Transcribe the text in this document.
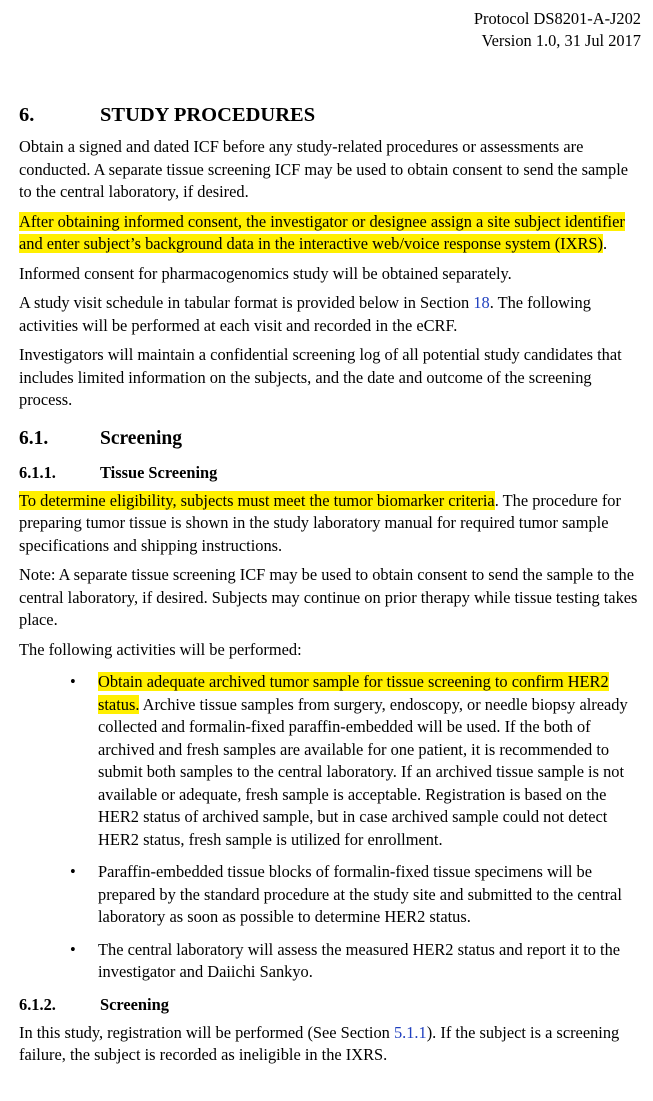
Protocol DS8201-A-J202
Version 1.0, 31 Jul 2017
6.	STUDY PROCEDURES

Obtain a signed and dated ICF before any study-related procedures or assessments are conducted. A separate tissue screening ICF may be used to obtain consent to send the sample to the central laboratory, if desired.

After obtaining informed consent, the investigator or designee assign a site subject identifier and enter subject’s background data in the interactive web/voice response system (IXRS).

Informed consent for pharmacogenomics study will be obtained separately.

A study visit schedule in tabular format is provided below in Section 18. The following activities will be performed at each visit and recorded in the eCRF.

Investigators will maintain a confidential screening log of all potential study candidates that includes limited information on the subjects, and the date and outcome of the screening process.

6.1.	Screening
6.1.1.	Tissue Screening

To determine eligibility, subjects must meet the tumor biomarker criteria. The procedure for preparing tumor tissue is shown in the study laboratory manual for required tumor sample specifications and shipping instructions.

Note: A separate tissue screening ICF may be used to obtain consent to send the sample to the central laboratory, if desired. Subjects may continue on prior therapy while tissue testing takes place.

The following activities will be performed:

• Obtain adequate archived tumor sample for tissue screening to confirm HER2 status. Archive tissue samples from surgery, endoscopy, or needle biopsy already collected and formalin-fixed paraffin-embedded will be used. If the both of archived and fresh samples are available for one patient, it is recommended to submit both samples to the central laboratory. If an archived tissue sample is not available or adequate, fresh sample is acceptable. Registration is based on the HER2 status of archived sample, but in case archived sample could not detect HER2 status, fresh sample is utilized for enrollment.
• Paraffin-embedded tissue blocks of formalin-fixed tissue specimens will be prepared by the standard procedure at the study site and submitted to the central laboratory as soon as possible to determine HER2 status.
• The central laboratory will assess the measured HER2 status and report it to the investigator and Daiichi Sankyo.
6.1.2.	Screening

In this study, registration will be performed (See Section 5.1.1). If the subject is a screening failure, the subject is recorded as ineligible in the IXRS.
